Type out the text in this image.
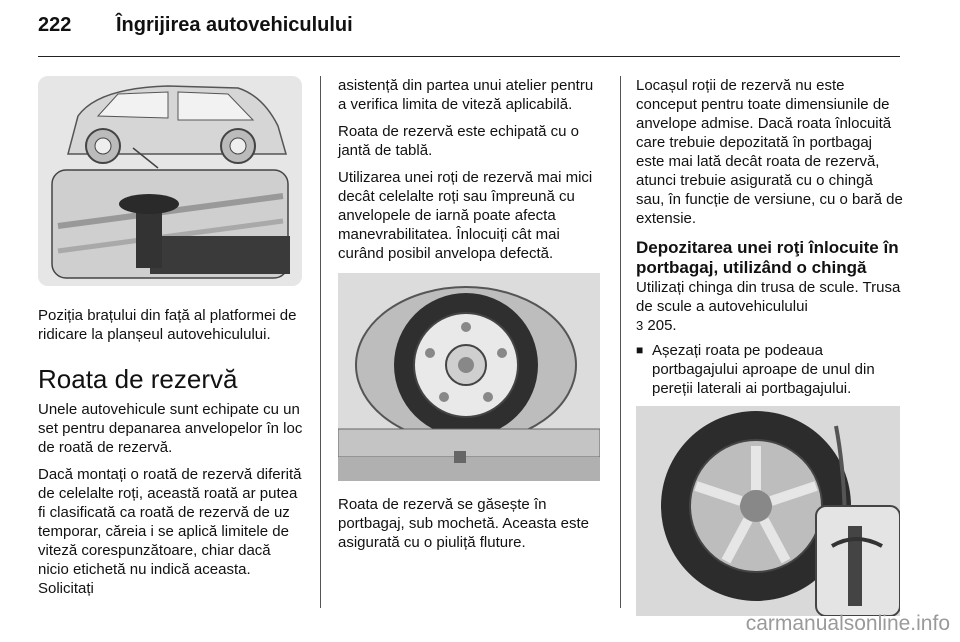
222 Îngrijirea autovehiculului

Poziția brațului din față al platformei de ridicare la planșeul autovehiculului.

Roata de rezervă

Unele autovehicule sunt echipate cu un set pentru depanarea anvelopelor în loc de roată de rezervă.

Dacă montați o roată de rezervă diferită de celelalte roți, această roată ar putea fi clasificată ca roată de rezervă de uz temporar, căreia i se aplică limitele de viteză corespunzătoare, chiar dacă nicio etichetă nu indică aceasta. Solicitați

asistență din partea unui atelier pentru a verifica limita de viteză aplicabilă.

Roata de rezervă este echipată cu o jantă de tablă.

Utilizarea unei roți de rezervă mai mici decât celelalte roți sau împreună cu anvelopele de iarnă poate afecta manevrabilitatea. Înlocuiți cât mai curând posibil anvelopa defectă.

Roata de rezervă se găsește în portbagaj, sub mochetă. Aceasta este asigurată cu o piuliță fluture.

Locașul roții de rezervă nu este conceput pentru toate dimensiunile de anvelope admise. Dacă roata înlocuită care trebuie depozitată în portbagaj este mai lată decât roata de rezervă, atunci trebuie asigurată cu o chingă sau, în funcție de versiune, cu o bară de extensie.

Depozitarea unei roţi înlocuite în portbagaj, utilizând o chingă

Utilizați chinga din trusa de scule. Trusa de scule a autovehiculului
3 205.

■ Așezați roata pe podeaua portbagajului aproape de unul din pereții laterali ai portbagajului.

carmanualsonline.info
